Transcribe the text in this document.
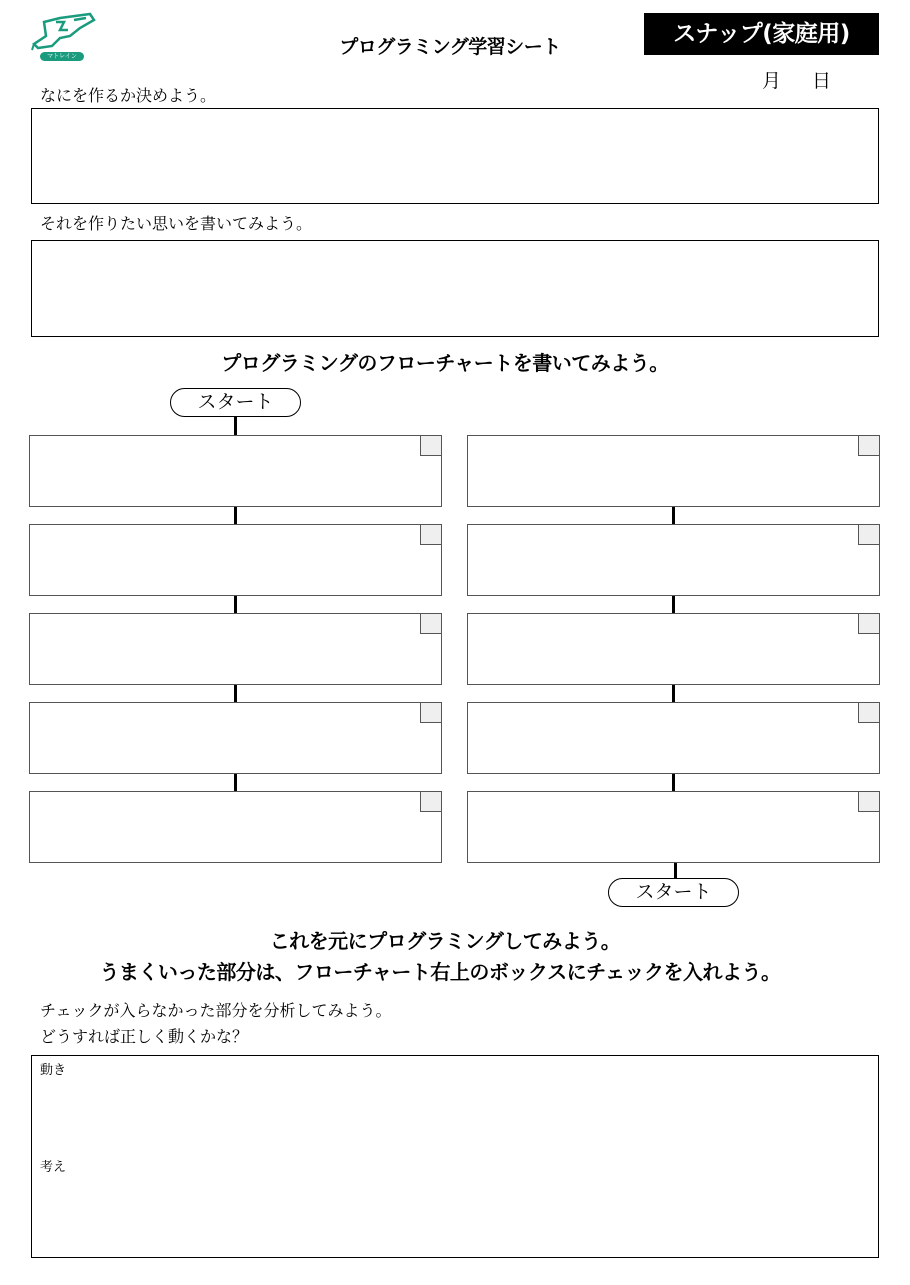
マトレイン	プログラミング学習シート	スナップ(家庭用)
月 日
なにを作るか決めよう。
それを作りたい思いを書いてみよう。
プログラミングのフローチャートを書いてみよう。
スタート
スタート
これを元にプログラミングしてみよう。
うまくいった部分は、フローチャート右上のボックスにチェックを入れよう。
チェックが入らなかった部分を分析してみよう。
どうすれば正しく動くかな？
動き
考え
